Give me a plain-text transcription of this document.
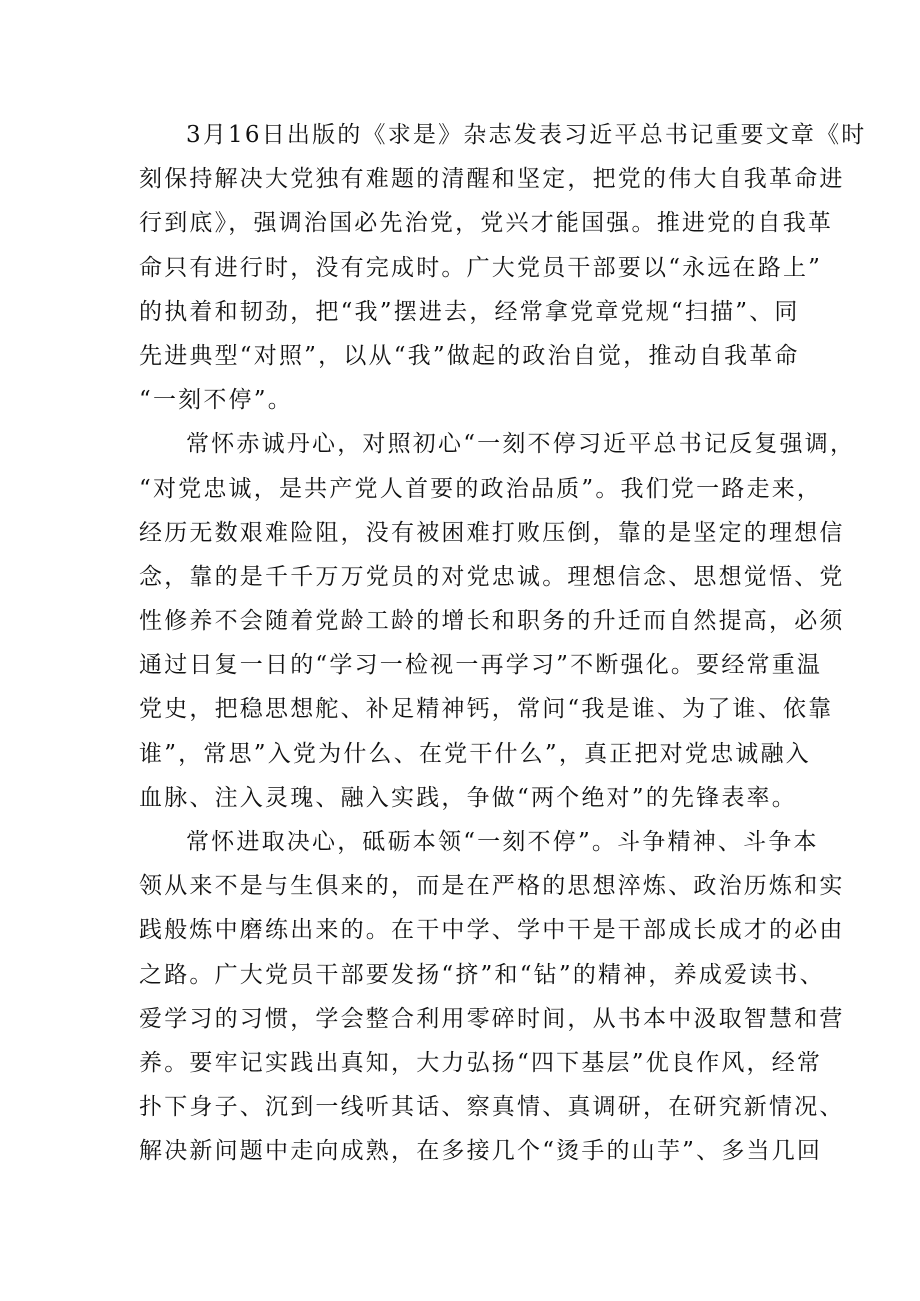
3月16日出版的《求是》杂志发表习近平总书记重要文章《时
刻保持解决大党独有难题的清醒和坚定，把党的伟大自我革命进
行到底》，强调治国必先治党，党兴才能国强。推进党的自我革
命只有进行时，没有完成时。广大党员干部要以“永远在路上”
的执着和韧劲，把“我”摆进去，经常拿党章党规“扫描”、同
先进典型“对照”，以从“我”做起的政治自觉，推动自我革命
“一刻不停”。
常怀赤诚丹心，对照初心“一刻不停习近平总书记反复强调，
“对党忠诚，是共产党人首要的政治品质”。我们党一路走来，
经历无数艰难险阻，没有被困难打败压倒，靠的是坚定的理想信
念，靠的是千千万万党员的对党忠诚。理想信念、思想觉悟、党
性修养不会随着党龄工龄的增长和职务的升迁而自然提高，必须
通过日复一日的“学习一检视一再学习”不断强化。要经常重温
党史，把稳思想舵、补足精神钙，常问“我是谁、为了谁、依靠
谁”，常思”入党为什么、在党干什么”，真正把对党忠诚融入
血脉、注入灵瑰、融入实践，争做“两个绝对”的先锋表率。
常怀进取决心，砥砺本领“一刻不停”。斗争精神、斗争本
领从来不是与生俱来的，而是在严格的思想淬炼、政治历炼和实
践般炼中磨练出来的。在干中学、学中干是干部成长成才的必由
之路。广大党员干部要发扬“挤”和“钻”的精神，养成爱读书、
爱学习的习惯，学会整合利用零碎时间，从书本中汲取智慧和营
养。要牢记实践出真知，大力弘扬“四下基层”优良作风，经常
扑下身子、沉到一线听其话、察真情、真调研，在研究新情况、
解决新问题中走向成熟，在多接几个“烫手的山芋”、多当几回
